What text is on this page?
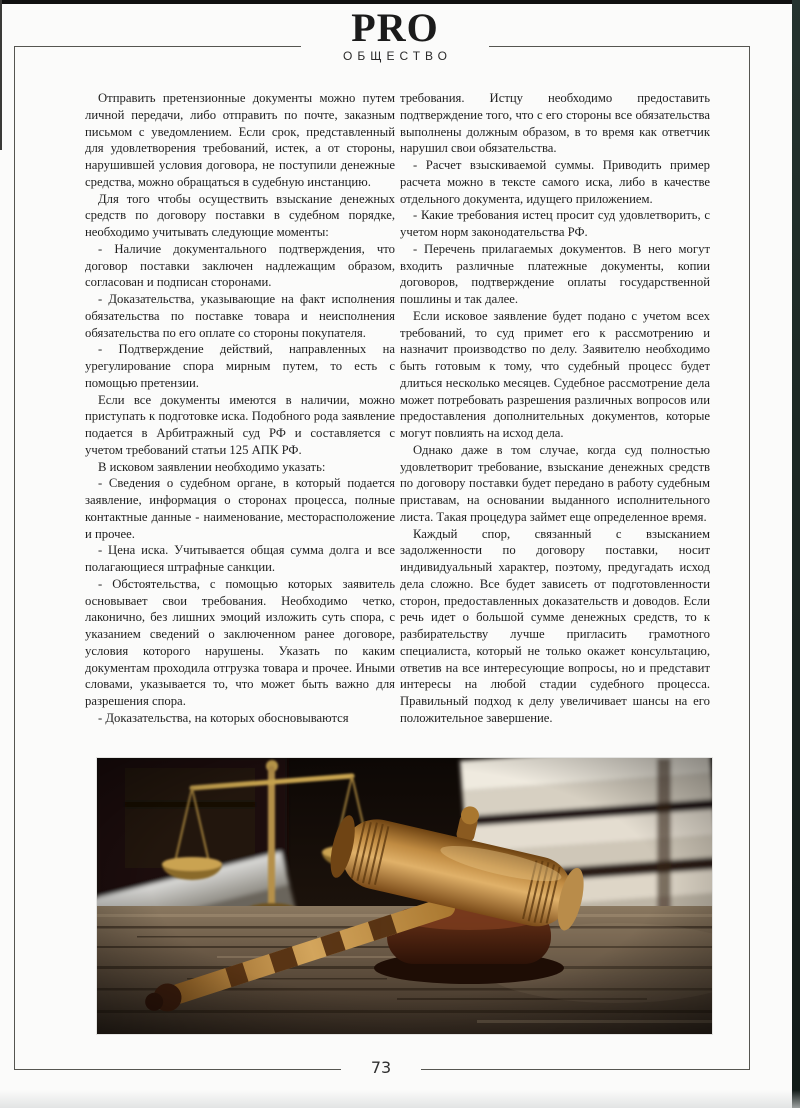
PRO
ОБЩЕСТВО

Отправить претензионные документы можно путем личной передачи, либо отправить по почте, заказным письмом с уведомлением. Если срок, представленный для удовлетворения требований, истек, а от стороны, нарушившей условия договора, не поступили денежные средства, можно обращаться в судебную инстанцию.

Для того чтобы осуществить взыскание денежных средств по договору поставки в судебном порядке, необходимо учитывать следующие моменты:

- Наличие документального подтверждения, что договор поставки заключен надлежащим образом, согласован и подписан сторонами.

- Доказательства, указывающие на факт исполнения обязательства по поставке товара и неисполнения обязательства по его оплате со стороны покупателя.

- Подтверждение действий, направленных на урегулирование спора мирным путем, то есть с помощью претензии.

Если все документы имеются в наличии, можно приступать к подготовке иска. Подобного рода заявление подается в Арбитражный суд РФ и составляется с учетом требований статьи 125 АПК РФ.

В исковом заявлении необходимо указать:

- Сведения о судебном органе, в который подается заявление, информация о сторонах процесса, полные контактные данные - наименование, месторасположение и прочее.

- Цена иска. Учитывается общая сумма долга и все полагающиеся штрафные санкции.

- Обстоятельства, с помощью которых заявитель основывает свои требования. Необходимо четко, лаконично, без лишних эмоций изложить суть спора, с указанием сведений о заключенном ранее договоре, условия которого нарушены. Указать по каким документам проходила отгрузка товара и прочее. Иными словами, указывается то, что может быть важно для разрешения спора.

- Доказательства, на которых обосновываются

требования. Истцу необходимо предоставить подтверждение того, что с его стороны все обязательства выполнены должным образом, в то время как ответчик нарушил свои обязательства.

- Расчет взыскиваемой суммы. Приводить пример расчета можно в тексте самого иска, либо в качестве отдельного документа, идущего приложением.

- Какие требования истец просит суд удовлетворить, с учетом норм законодательства РФ.

- Перечень прилагаемых документов. В него могут входить различные платежные документы, копии договоров, подтверждение оплаты государственной пошлины и так далее.

Если исковое заявление будет подано с учетом всех требований, то суд примет его к рассмотрению и назначит производство по делу. Заявителю необходимо быть готовым к тому, что судебный процесс будет длиться несколько месяцев. Судебное рассмотрение дела может потребовать разрешения различных вопросов или предоставления дополнительных документов, которые могут повлиять на исход дела.

Однако даже в том случае, когда суд полностью удовлетворит требование, взыскание денежных средств по договору поставки будет передано в работу судебным приставам, на основании выданного исполнительного листа. Такая процедура займет еще определенное время.

Каждый спор, связанный с взысканием задолженности по договору поставки, носит индивидуальный характер, поэтому, предугадать исход дела сложно. Все будет зависеть от подготовленности сторон, предоставленных доказательств и доводов. Если речь идет о большой сумме денежных средств, то к разбирательству лучше пригласить грамотного специалиста, который не только окажет консультацию, ответив на все интересующие вопросы, но и представит интересы на любой стадии судебного процесса. Правильный подход к делу увеличивает шансы на его положительное завершение.

73
